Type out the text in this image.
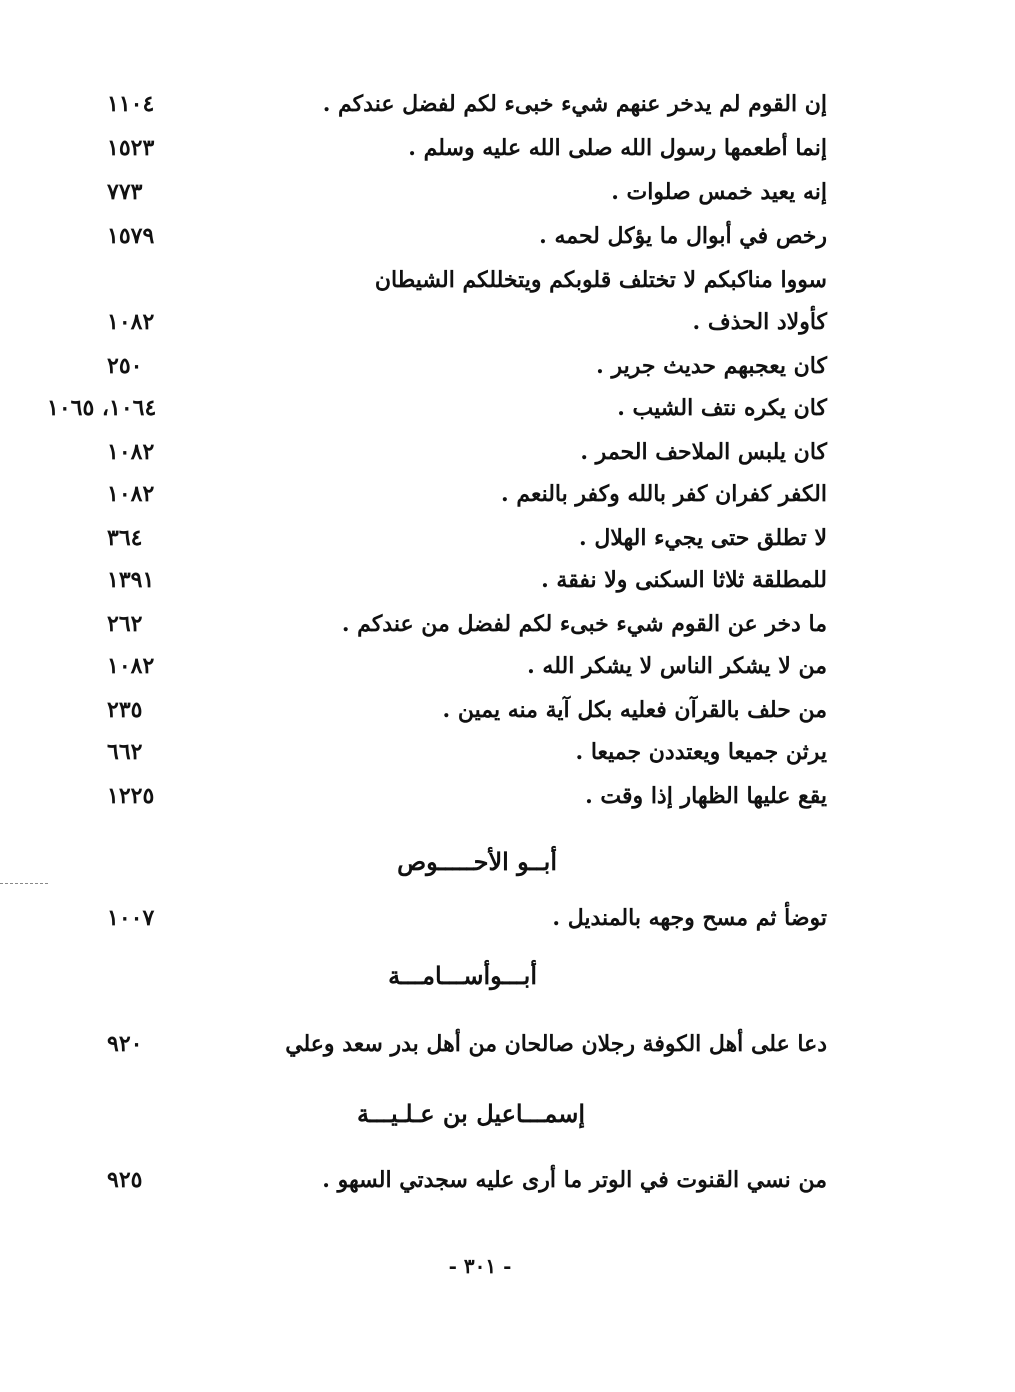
إن القوم لم يدخر عنهم شيء خبىء لكم لفضل عندكم .
١١٠٤
إنما أطعمها رسول الله صلى الله عليه وسلم .
١٥٢٣
إنه يعيد خمس صلوات .
٧٧٣
رخص في أبوال ما يؤكل لحمه .
١٥٧٩
سووا مناكبكم لا تختلف قلوبكم ويتخللكم الشيطان
كأولاد الحذف .
١٠٨٢
كان يعجبهم حديث جرير .
٢٥٠
كان يكره نتف الشيب .
١٠٦٤، ١٠٦٥
كان يلبس الملاحف الحمر .
١٠٨٢
الكفر كفران كفر بالله وكفر بالنعم .
١٠٨٢
لا تطلق حتى يجيء الهلال .
٣٦٤
للمطلقة ثلاثا السكنى ولا نفقة .
١٣٩١
ما دخر عن القوم شيء خبىء لكم لفضل من عندكم .
٢٦٢
من لا يشكر الناس لا يشكر الله .
١٠٨٢
من حلف بالقرآن فعليه بكل آية منه يمين .
٢٣٥
يرثن جميعا ويعتددن جميعا .
٦٦٢
يقع عليها الظهار إذا وقت .
١٢٢٥
أبــو الأحـــــوص
توضأ ثم مسح وجهه بالمنديل .
١٠٠٧
أبـــوأســـامـــة
دعا على أهل الكوفة رجلان صالحان من أهل بدر سعد وعلي
٩٢٠
إسمـــاعيل بن عـلـيـــة
من نسي القنوت في الوتر ما أرى عليه سجدتي السهو .
٩٢٥
- ٣٠١ -
